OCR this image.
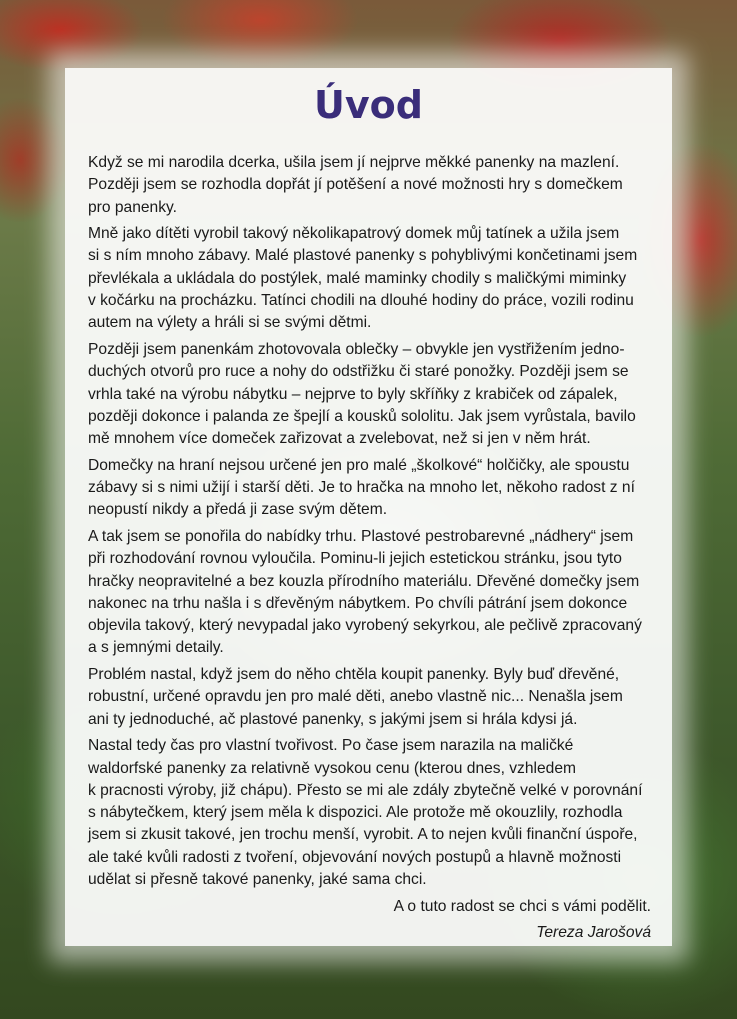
Úvod

Když se mi narodila dcerka, ušila jsem jí nejprve měkké panenky na mazlení.
Později jsem se rozhodla dopřát jí potěšení a nové možnosti hry s domečkem
pro panenky.

Mně jako dítěti vyrobil takový několikapatrový domek můj tatínek a užila jsem
si s ním mnoho zábavy. Malé plastové panenky s pohyblivými končetinami jsem
převlékala a ukládala do postýlek, malé maminky chodily s maličkými miminky
v kočárku na procházku. Tatínci chodili na dlouhé hodiny do práce, vozili rodinu
autem na výlety a hráli si se svými dětmi.

Později jsem panenkám zhotovovala oblečky – obvykle jen vystřižením jedno-
duchých otvorů pro ruce a nohy do odstřižku či staré ponožky. Později jsem se
vrhla také na výrobu nábytku – nejprve to byly skříňky z krabiček od zápalek,
později dokonce i palanda ze špejlí a kousků sololitu. Jak jsem vyrůstala, bavilo
mě mnohem více domeček zařizovat a zvelebovat, než si jen v něm hrát.

Domečky na hraní nejsou určené jen pro malé „školkové“ holčičky, ale spoustu
zábavy si s nimi užijí i starší děti. Je to hračka na mnoho let, někoho radost z ní
neopustí nikdy a předá ji zase svým dětem.

A tak jsem se ponořila do nabídky trhu. Plastové pestrobarevné „nádhery“ jsem
při rozhodování rovnou vyloučila. Pominu-li jejich estetickou stránku, jsou tyto
hračky neopravitelné a bez kouzla přírodního materiálu. Dřevěné domečky jsem
nakonec na trhu našla i s dřevěným nábytkem. Po chvíli pátrání jsem dokonce
objevila takový, který nevypadal jako vyrobený sekyrkou, ale pečlivě zpracovaný
a s jemnými detaily.

Problém nastal, když jsem do něho chtěla koupit panenky. Byly buď dřevěné,
robustní, určené opravdu jen pro malé děti, anebo vlastně nic... Nenašla jsem
ani ty jednoduché, ač plastové panenky, s jakými jsem si hrála kdysi já.

Nastal tedy čas pro vlastní tvořivost. Po čase jsem narazila na maličké
waldorfské panenky za relativně vysokou cenu (kterou dnes, vzhledem
k pracnosti výroby, již chápu). Přesto se mi ale zdály zbytečně velké v porovnání
s nábytečkem, který jsem měla k dispozici. Ale protože mě okouzlily, rozhodla
jsem si zkusit takové, jen trochu menší, vyrobit. A to nejen kvůli finanční úspoře,
ale také kvůli radosti z tvoření, objevování nových postupů a hlavně možnosti
udělat si přesně takové panenky, jaké sama chci.

A o tuto radost se chci s vámi podělit.

Tereza Jarošová
